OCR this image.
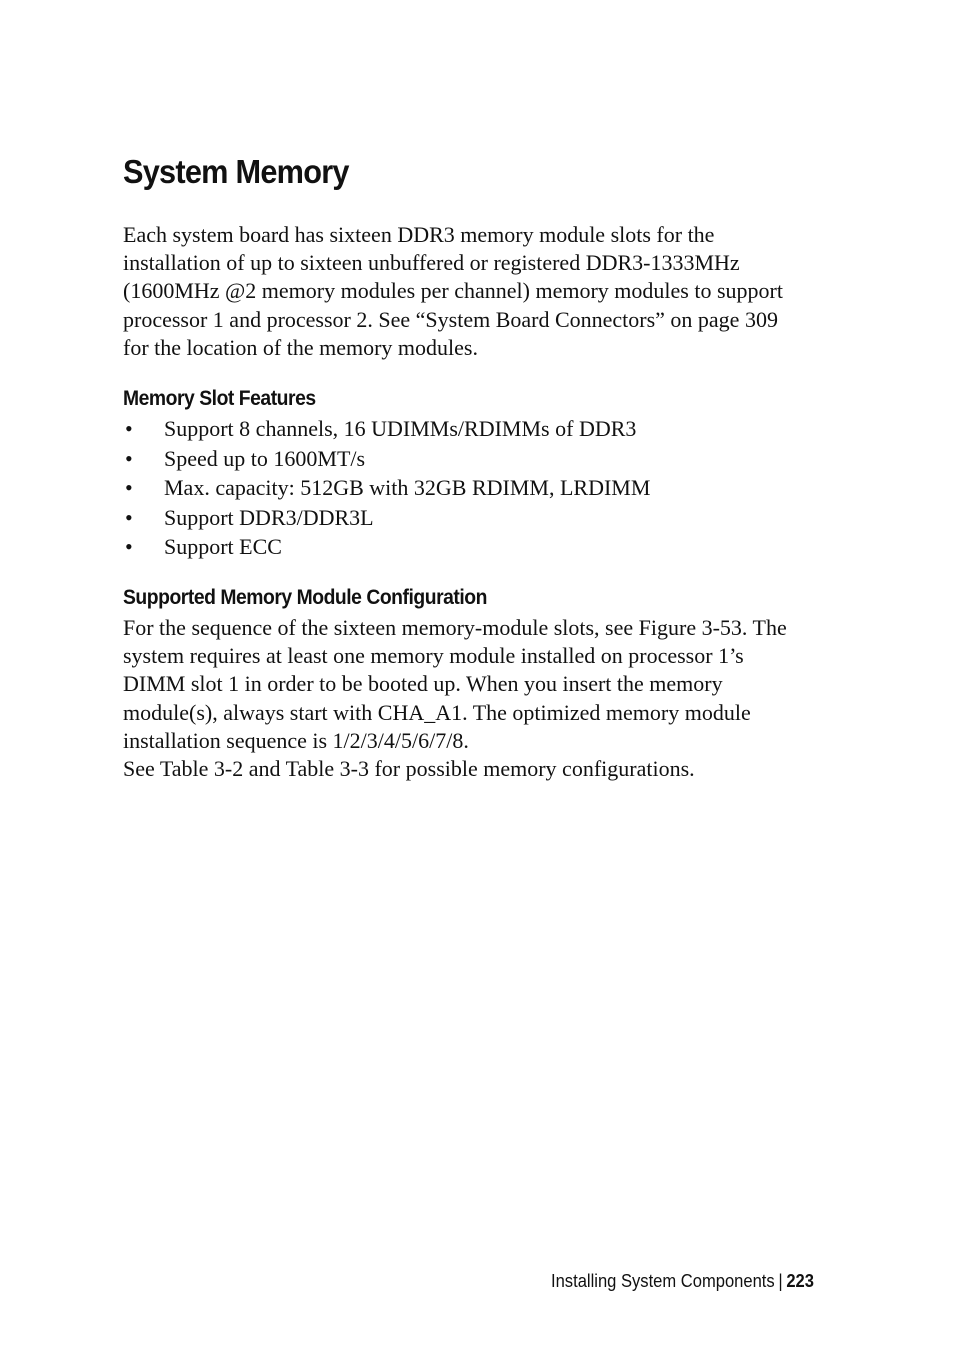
System Memory

Each system board has sixteen DDR3 memory module slots for the
installation of up to sixteen unbuffered or registered DDR3-1333MHz
(1600MHz @2 memory modules per channel) memory modules to support
processor 1 and processor 2. See “System Board Connectors” on page 309
for the location of the memory modules.

Memory Slot Features
• Support 8 channels, 16 UDIMMs/RDIMMs of DDR3
• Speed up to 1600MT/s
• Max. capacity: 512GB with 32GB RDIMM, LRDIMM
• Support DDR3/DDR3L
• Support ECC
Supported Memory Module Configuration

For the sequence of the sixteen memory-module slots, see Figure 3-53. The
system requires at least one memory module installed on processor 1’s
DIMM slot 1 in order to be booted up. When you insert the memory
module(s), always start with CHA_A1. The optimized memory module
installation sequence is 1/2/3/4/5/6/7/8.
See Table 3-2 and Table 3-3 for possible memory configurations.

Installing System Components | 223
